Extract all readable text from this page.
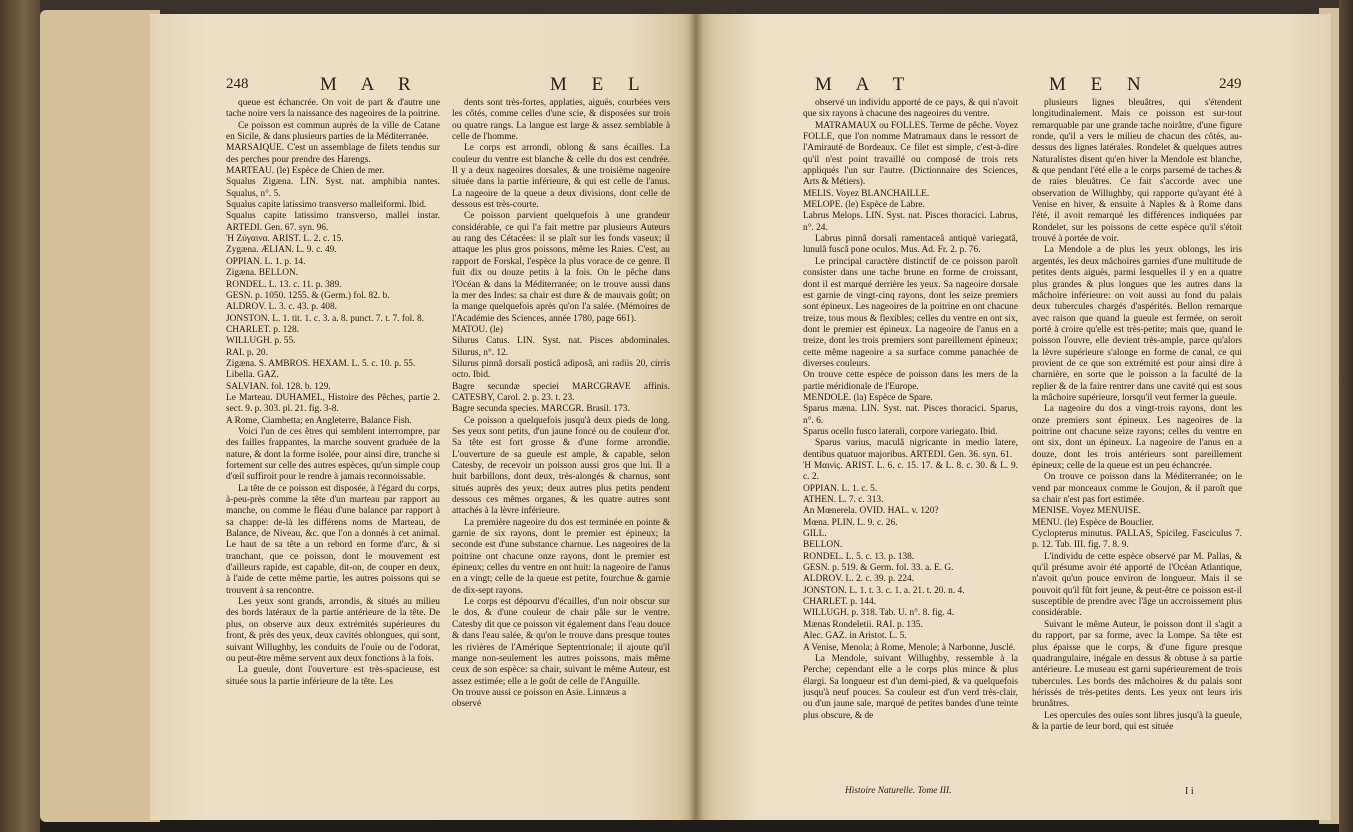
248	M A R	M E L

queue est échancrée. On voit de part & d'autre une tache noire vers la naissance des nageoires de la poitrine.

Ce poisson est commun auprès de la ville de Catane en Sicile, & dans plusieurs parties de la Méditerranée.

MARSAIQUE. C'est un assemblage de filets tendus sur des perches pour prendre des Harengs.

MARTEAU. (le) Espèce de Chien de mer.

Squalus Zigæna. LIN. Syst. nat. amphibia nantes. Squalus, n°. 5.

Squalus capite latissimo transverso malleiformi. Ibid.

Squalus capite latissimo transverso, mallei instar. ARTEDI. Gen. 67. syn. 96.

Ἡ Ζύγαινα. ARIST. L. 2. c. 15.

Zygæna. ÆLIAN. L. 9. c. 49.

OPPIAN. L. 1. p. 14.

Zigæna. BELLON.

RONDEL. L. 13. c. 11. p. 389.

GESN. p. 1050. 1255. & (Germ.) fol. 82. b.

ALDROV. L. 3. c. 43. p. 408.

JONSTON. L. 1. tit. 1. c. 3. a. 8. punct. 7. t. 7. fol. 8.

CHARLET. p. 128.

WILLUGH. p. 55.

RAI. p. 20.

Zigæna. S. AMBROS. HEXAM. L. 5. c. 10. p. 55.

Libella. GAZ.

SALVIAN. fol. 128. b. 129.

Le Marteau. DUHAMEL, Histoire des Pêches, partie 2. sect. 9. p. 303. pl. 21. fig. 3-8.

A Rome, Ciambetta; en Angleterre, Balance Fish.

Voici l'un de ces êtres qui semblent interrompre, par des failles frappantes, la marche souvent graduée de la nature, & dont la forme isolée, pour ainsi dire, tranche si fortement sur celle des autres espèces, qu'un simple coup d'œil suffiroit pour le rendre à jamais reconnoissable.

La tête de ce poisson est disposée, à l'égard du corps, à-peu-près comme la tête d'un marteau par rapport au manche, ou comme le fléau d'une balance par rapport à sa chappe: de-là les différens noms de Marteau, de Balance, de Niveau, &c. que l'on a donnés à cet animal. Le haut de sa tête a un rebord en forme d'arc, & si tranchant, que ce poisson, dont le mouvement est d'ailleurs rapide, est capable, dit-on, de couper en deux, à l'aide de cette même partie, les autres poissons qui se trouvent à sa rencontre.

Les yeux sont grands, arrondis, & situés au milieu des bords latéraux de la partie antérieure de la tête. De plus, on observe aux deux extrémités supérieures du front, & près des yeux, deux cavités oblongues, qui sont, suivant Willughby, les conduits de l'ouïe ou de l'odorat, ou peut-être même servent aux deux fonctions à la fois.

La gueule, dont l'ouverture est très-spacieuse, est située sous la partie inférieure de la tête. Les

dents sont très-fortes, applaties, aiguës, courbées vers les côtés, comme celles d'une scie, & disposées sur trois ou quatre rangs. La langue est large & assez semblable à celle de l'homme.

Le corps est arrondi, oblong & sans écailles. La couleur du ventre est blanche & celle du dos est cendrée. Il y a deux nageoires dorsales, & une troisième nageoire située dans la partie inférieure, & qui est celle de l'anus. La nageoire de la queue a deux divisions, dont celle de dessous est très-courte.

Ce poisson parvient quelquefois à une grandeur considérable, ce qui l'a fait mettre par plusieurs Auteurs au rang des Cétacées: il se plaît sur les fonds vaseux; il attaque les plus gros poissons, même les Raies. C'est, au rapport de Forskal, l'espèce la plus vorace de ce genre. Il fuit dix ou douze petits à la fois. On le pêche dans l'Océan & dans la Méditerranée; on le trouve aussi dans la mer des Indes: sa chair est dure & de mauvais goût; on la mange quelquefois après qu'on l'a salée. (Mémoires de l'Académie des Sciences, année 1780, page 661).

MATOU. (le)

Silurus Catus. LIN. Syst. nat. Pisces abdominales. Silurus, n°. 12.

Silurus pinnâ dorsali posticâ adiposâ, ani radiis 20, cirris octo. Ibid.

Bagre secundæ speciei MARCGRAVE affinis. CATESBY, Carol. 2. p. 23. t. 23.

Bagre secunda species. MARCGR. Brasil. 173.

Ce poisson a quelquefois jusqu'à deux pieds de long. Ses yeux sont petits, d'un jaune foncé ou de couleur d'or. Sa tête est fort grosse & d'une forme arrondie. L'ouverture de sa gueule est ample, & capable, selon Catesby, de recevoir un poisson aussi gros que lui. Il a huit barbillons, dont deux, très-alongés & charnus, sont situés auprès des yeux; deux autres plus petits pendent dessous ces mêmes organes, & les quatre autres sont attachés à la lèvre inférieure.

La première nageoire du dos est terminée en pointe & garnie de six rayons, dont le premier est épineux; la seconde est d'une substance charnue. Les nageoires de la poitrine ont chacune onze rayons, dont le premier est épineux; celles du ventre en ont huit: la nageoire de l'anus en a vingt; celle de la queue est petite, fourchue & garnie de dix-sept rayons.

Le corps est dépourvu d'écailles, d'un noir obscur sur le dos, & d'une couleur de chair pâle sur le ventre. Catesby dit que ce poisson vit également dans l'eau douce & dans l'eau salée, & qu'on le trouve dans presque toutes les rivières de l'Amérique Septentrionale; il ajoute qu'il mange non-seulement les autres poissons, mais même ceux de son espèce: sa chair, suivant le même Auteur, est assez estimée; elle a le goût de celle de l'Anguille.

On trouve aussi ce poisson en Asie. Linnæus a

observé

M A T	M E N	249

observé un individu apporté de ce pays, & qui n'avoit que six rayons à chacune des nageoires du ventre.

MATRAMAUX ou FOLLES. Terme de pêche. Voyez FOLLE, que l'on nomme Matramaux dans le ressort de l'Amirauté de Bordeaux. Ce filet est simple, c'est-à-dire qu'il n'est point travaillé ou composé de trois rets appliqués l'un sur l'autre. (Dictionnaire des Sciences, Arts & Métiers).

MELIS. Voyez BLANCHAILLE.

MELOPE. (le) Espèce de Labre.

Labrus Melops. LIN. Syst. nat. Pisces thoracici. Labrus, n°. 24.

Labrus pinnâ dorsali ramentaceâ antiquè variegatâ, lunulâ fuscâ pone oculos. Mus. Ad. Fr. 2. p. 76.

Le principal caractère distinctif de ce poisson paroît consister dans une tache brune en forme de croissant, dont il est marqué derrière les yeux. Sa nageoire dorsale est garnie de vingt-cinq rayons, dont les seize premiers sont épineux. Les nageoires de la poitrine en ont chacune treize, tous mous & flexibles; celles du ventre en ont six, dont le premier est épineux. La nageoire de l'anus en a treize, dont les trois premiers sont pareillement épineux; cette même nageoire a sa surface comme panachée de diverses couleurs.

On trouve cette espèce de poisson dans les mers de la partie méridionale de l'Europe.

MENDOLE. (la) Espèce de Spare.

Sparus mæna. LIN. Syst. nat. Pisces thoracici. Sparus, n°. 6.

Sparus ocello fusco laterali, corpore variegato. Ibid.

Sparus varius, maculâ nigricante in medio latere, dentibus quatuor majoribus. ARTEDI. Gen. 36. syn. 61.

Ἡ Μαινὶς. ARIST. L. 6. c. 15. 17. & L. 8. c. 30. & L. 9. c. 2.

OPPIAN. L. 1. c. 5.

ATHEN. L. 7. c. 313.

An Mœnerela. OVID. HAL. v. 120?

Mœna. PLIN. L. 9. c. 26.

GILL.

BELLON.

RONDEL. L. 5. c. 13. p. 138.

GESN. p. 519. & Germ. fol. 33. a. E. G.

ALDROV. L. 2. c. 39. p. 224.

JONSTON. L. 1. t. 3. c. 1. a. 21. t. 20. n. 4.

CHARLET. p. 144.

WILLUGH. p. 318. Tab. U. n°. 8. fig. 4.

Mænas Rondeletii. RAI. p. 135.

Alec. GAZ. in Aristot. L. 5.

A Venise, Menola; à Rome, Menole; à Narbonne, Jusclé.

La Mendole, suivant Willughby, ressemble à la Perche; cependant elle a le corps plus mince & plus élargi. Sa longueur est d'un demi-pied, & va quelquefois jusqu'à neuf pouces. Sa couleur est d'un verd très-clair, ou d'un jaune sale, marqué de petites bandes d'une teinte plus obscure, & de

plusieurs lignes bleuâtres, qui s'étendent longitudinalement. Mais ce poisson est sur-tout remarquable par une grande tache noirâtre, d'une figure ronde, qu'il a vers le milieu de chacun des côtés, au-dessus des lignes latérales. Rondelet & quelques autres Naturalistes disent qu'en hiver la Mendole est blanche, & que pendant l'été elle a le corps parsemé de taches & de raies bleuâtres. Ce fait s'accorde avec une observation de Willughby, qui rapporte qu'ayant été à Venise en hiver, & ensuite à Naples & à Rome dans l'été, il avoit remarqué les différences indiquées par Rondelet, sur les poissons de cette espèce qu'il s'étoit trouvé à portée de voir.

La Mendole a de plus les yeux oblongs, les iris argentés, les deux mâchoires garnies d'une multitude de petites dents aiguës, parmi lesquelles il y en a quatre plus grandes & plus longues que les autres dans la mâchoire inférieure: on voit aussi au fond du palais deux tubercules chargés d'aspérités. Bellon remarque avec raison que quand la gueule est fermée, on seroit porté à croire qu'elle est très-petite; mais que, quand le poisson l'ouvre, elle devient très-ample, parce qu'alors la lèvre supérieure s'alonge en forme de canal, ce qui provient de ce que son extrémité est pour ainsi dire à charnière, en sorte que le poisson a la faculté de la replier & de la faire rentrer dans une cavité qui est sous la mâchoire supérieure, lorsqu'il veut fermer la gueule.

La nageoire du dos a vingt-trois rayons, dont les onze premiers sont épineux. Les nageoires de la poitrine ont chacune seize rayons; celles du ventre en ont six, dont un épineux. La nageoire de l'anus en a douze, dont les trois antérieurs sont pareillement épineux; celle de la queue est un peu échancrée.

On trouve ce poisson dans la Méditerranée; on le vend par monceaux comme le Goujon, & il paroît que sa chair n'est pas fort estimée.

MENISE. Voyez MENUISE.

MENU. (le) Espèce de Bouclier.

Cyclopterus minutus. PALLAS, Spicileg. Fasciculus 7. p. 12. Tab. III. fig. 7. 8. 9.

L'individu de cette espèce observé par M. Pallas, & qu'il présume avoir été apporté de l'Océan Atlantique, n'avoit qu'un pouce environ de longueur. Mais il se pouvoit qu'il fût fort jeune, & peut-être ce poisson est-il susceptible de prendre avec l'âge un accroissement plus considérable.

Suivant le même Auteur, le poisson dont il s'agit a du rapport, par sa forme, avec la Lompe. Sa tête est plus épaisse que le corps, & d'une figure presque quadrangulaire, inégale en dessus & obtuse à sa partie antérieure. Le museau est garni supérieurement de trois tubercules. Les bords des mâchoires & du palais sont hérissés de très-petites dents. Les yeux ont leurs iris brunâtres.

Les opercules des ouïes sont libres jusqu'à la gueule, & la partie de leur bord, qui est située

Histoire Naturelle. Tome III.	I i
